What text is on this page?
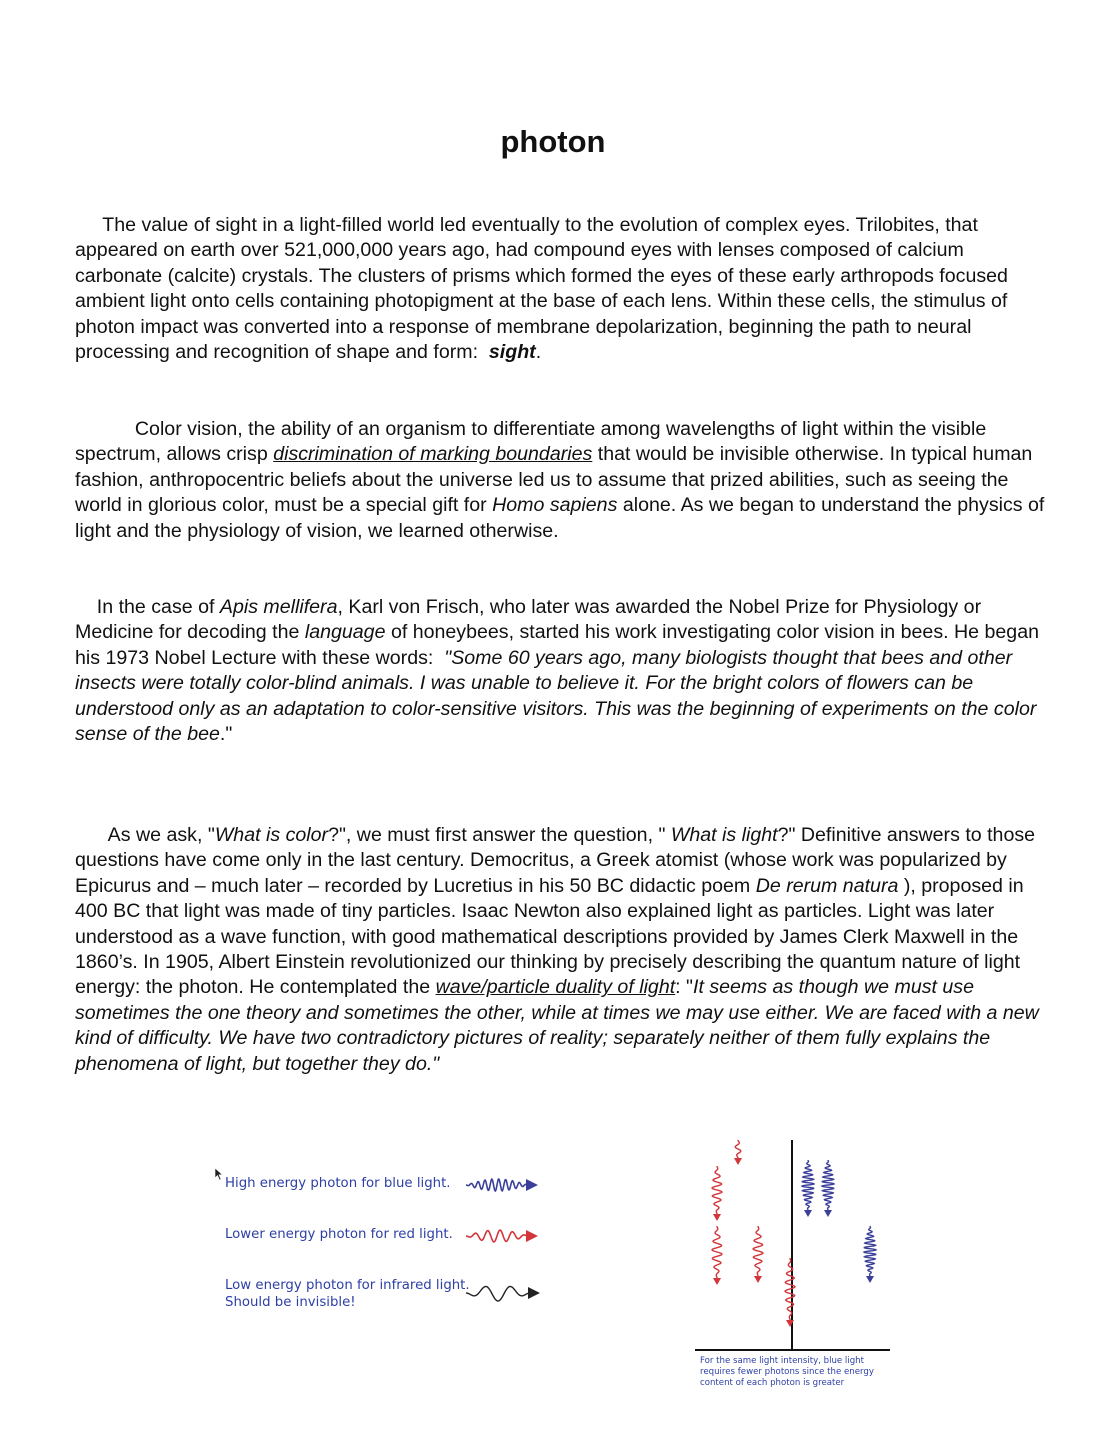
photon

The value of sight in a light-filled world led eventually to the evolution of complex eyes. Trilobites, that appeared on earth over 521,000,000 years ago, had compound eyes with lenses composed of calcium carbonate (calcite) crystals. The clusters of prisms which formed the eyes of these early arthropods focused ambient light onto cells containing photopigment at the base of each lens. Within these cells, the stimulus of photon impact was converted into a response of membrane depolarization, beginning the path to neural processing and recognition of shape and form: sight.

Color vision, the ability of an organism to differentiate among wavelengths of light within the visible spectrum, allows crisp discrimination of marking boundaries that would be invisible otherwise. In typical human fashion, anthropocentric beliefs about the universe led us to assume that prized abilities, such as seeing the world in glorious color, must be a special gift for Homo sapiens alone. As we began to understand the physics of light and the physiology of vision, we learned otherwise.

In the case of Apis mellifera, Karl von Frisch, who later was awarded the Nobel Prize for Physiology or Medicine for decoding the language of honeybees, started his work investigating color vision in bees. He began his 1973 Nobel Lecture with these words: "Some 60 years ago, many biologists thought that bees and other insects were totally color-blind animals. I was unable to believe it. For the bright colors of flowers can be understood only as an adaptation to color-sensitive visitors. This was the beginning of experiments on the color sense of the bee."

As we ask, "What is color?", we must first answer the question, " What is light?" Definitive answers to those questions have come only in the last century. Democritus, a Greek atomist (whose work was popularized by Epicurus and – much later – recorded by Lucretius in his 50 BC didactic poem De rerum natura ), proposed in 400 BC that light was made of tiny particles. Isaac Newton also explained light as particles. Light was later understood as a wave function, with good mathematical descriptions provided by James Clerk Maxwell in the 1860’s. In 1905, Albert Einstein revolutionized our thinking by precisely describing the quantum nature of light energy: the photon. He contemplated the wave/particle duality of light: "It seems as though we must use sometimes the one theory and sometimes the other, while at times we may use either. We are faced with a new kind of difficulty. We have two contradictory pictures of reality; separately neither of them fully explains the phenomena of light, but together they do."

High energy photon for blue light.
Lower energy photon for red light.
Low energy photon for infrared light.
Should be invisible!
For the same light intensity, blue light requires fewer photons since the energy content of each photon is greater
